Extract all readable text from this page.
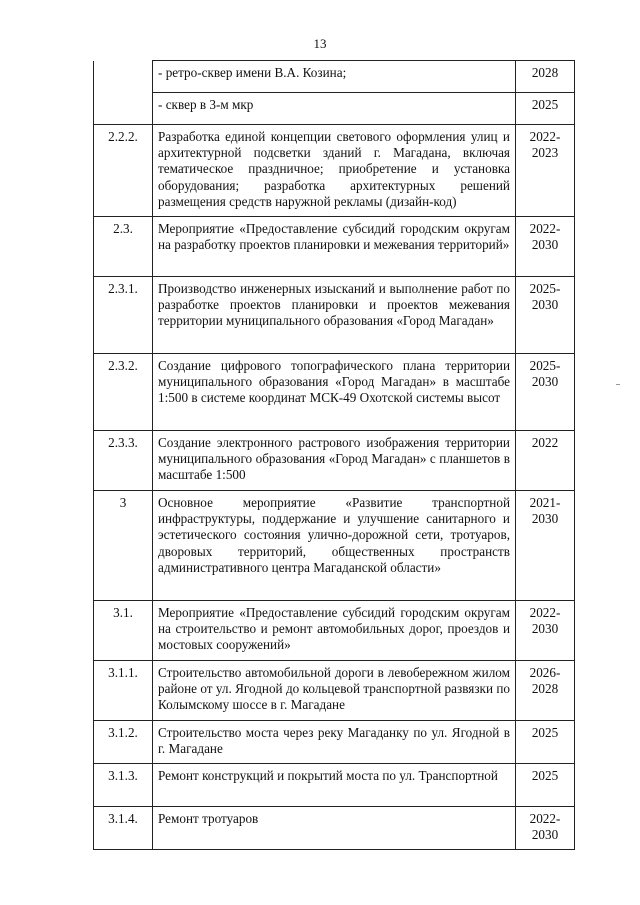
13
	- ретро-сквер имени В.А. Козина;	2028
	- сквер в 3-м мкр	2025
2.2.2.	Разработка единой концепции светового оформления улиц и архитектурной подсветки зданий г. Магадана, включая тематическое праздничное; приобретение и установка оборудования; разработка архитектурных решений размещения средств наружной рекламы (дизайн-код)	2022-
2023
2.3.	Мероприятие «Предоставление субсидий городским округам на разработку проектов планировки и межевания территорий»	2022-
2030
2.3.1.	Производство инженерных изысканий и выполнение работ по разработке проектов планировки и проектов межевания территории муниципального образования «Город Магадан»	2025-
2030
2.3.2.	Создание цифрового топографического плана территории муниципального образования «Город Магадан» в масштабе 1:500 в системе координат МСК-49 Охотской системы высот	2025-
2030
2.3.3.	Создание электронного растрового изображения территории муниципального образования «Город Магадан» с планшетов в масштабе 1:500	2022
3	Основное мероприятие «Развитие транспортной инфраструктуры, поддержание и улучшение санитарного и эстетического состояния улично-дорожной сети, тротуаров, дворовых территорий, общественных пространств административного центра Магаданской области»	2021-
2030
3.1.	Мероприятие «Предоставление субсидий городским округам на строительство и ремонт автомобильных дорог, проездов и мостовых сооружений»	2022-
2030
3.1.1.	Строительство автомобильной дороги в левобережном жилом районе от ул. Ягодной до кольцевой транспортной развязки по Колымскому шоссе в г. Магадане	2026-
2028
3.1.2.	Строительство моста через реку Магаданку по ул. Ягодной в г. Магадане	2025
3.1.3.	Ремонт конструкций и покрытий моста по ул. Транспортной	2025
3.1.4.	Ремонт тротуаров	2022-
2030
